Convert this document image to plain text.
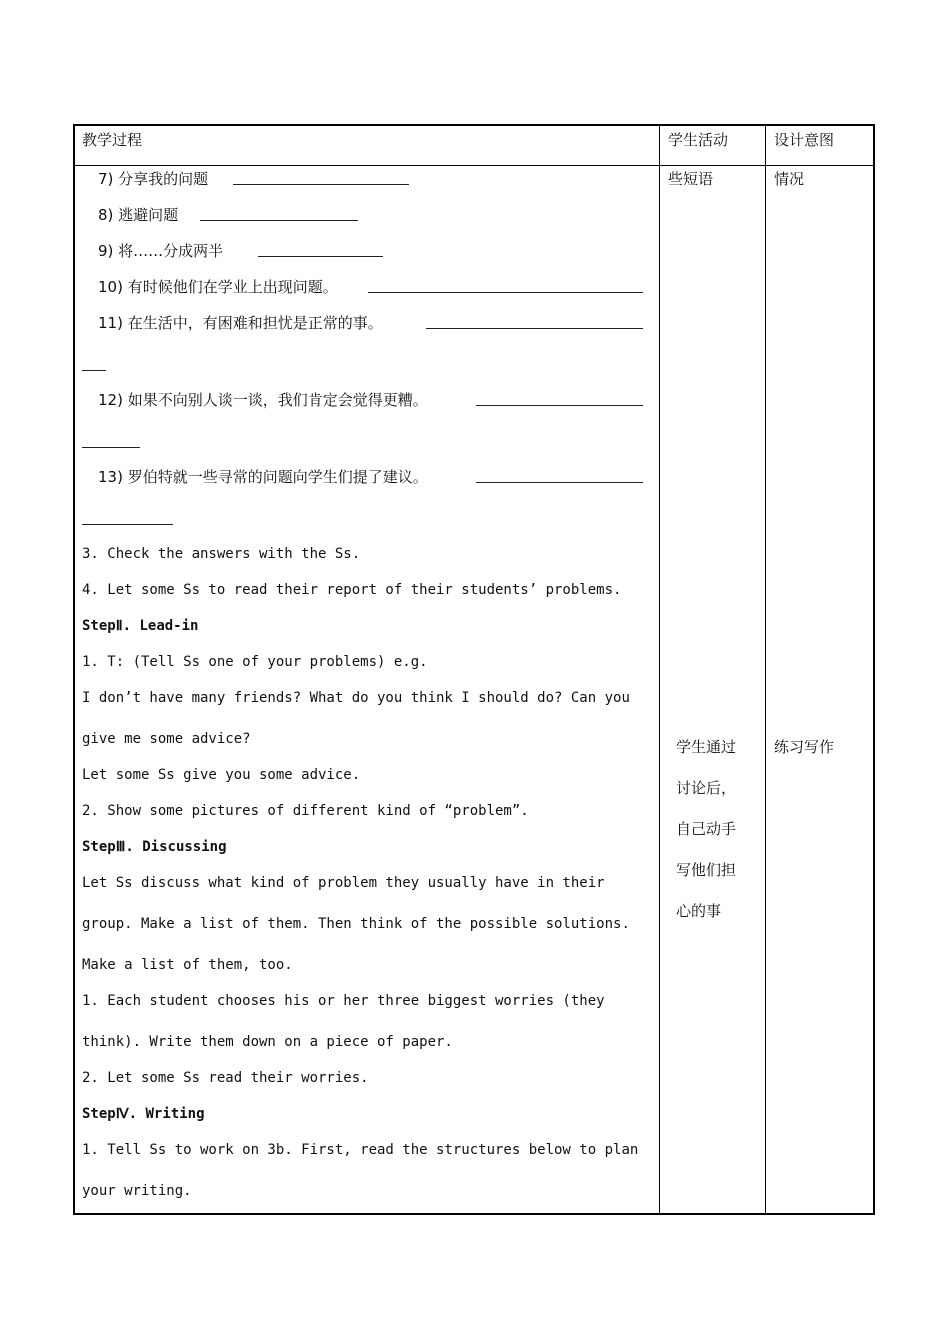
教学过程	学生活动	设计意图
些短语
学生通过
讨论后，
自己动手
写他们担
心的事
情况
练习写作
7) 分享我的问题
8) 逃避问题
9) 将……分成两半
10) 有时候他们在学业上出现问题。
11) 在生活中，有困难和担忧是正常的事。
12) 如果不向别人谈一谈，我们肯定会觉得更糟。
13) 罗伯特就一些寻常的问题向学生们提了建议。
3. Check the answers with the Ss.
4. Let some Ss to read their report of their students’ problems.
StepⅡ. Lead-in
1. T: (Tell Ss one of your problems) e.g.
I don’t have many friends? What do you think I should do? Can you
give me some advice?
Let some Ss give you some advice.
2. Show some pictures of different kind of “problem”.
StepⅢ. Discussing
Let Ss discuss what kind of problem they usually have in their
group. Make a list of them. Then think of the possible solutions.
Make a list of them, too.
1. Each student chooses his or her three biggest worries (they
think). Write them down on a piece of paper.
2. Let some Ss read their worries.
StepⅣ. Writing
1. Tell Ss to work on 3b. First, read the structures below to plan
your writing.
